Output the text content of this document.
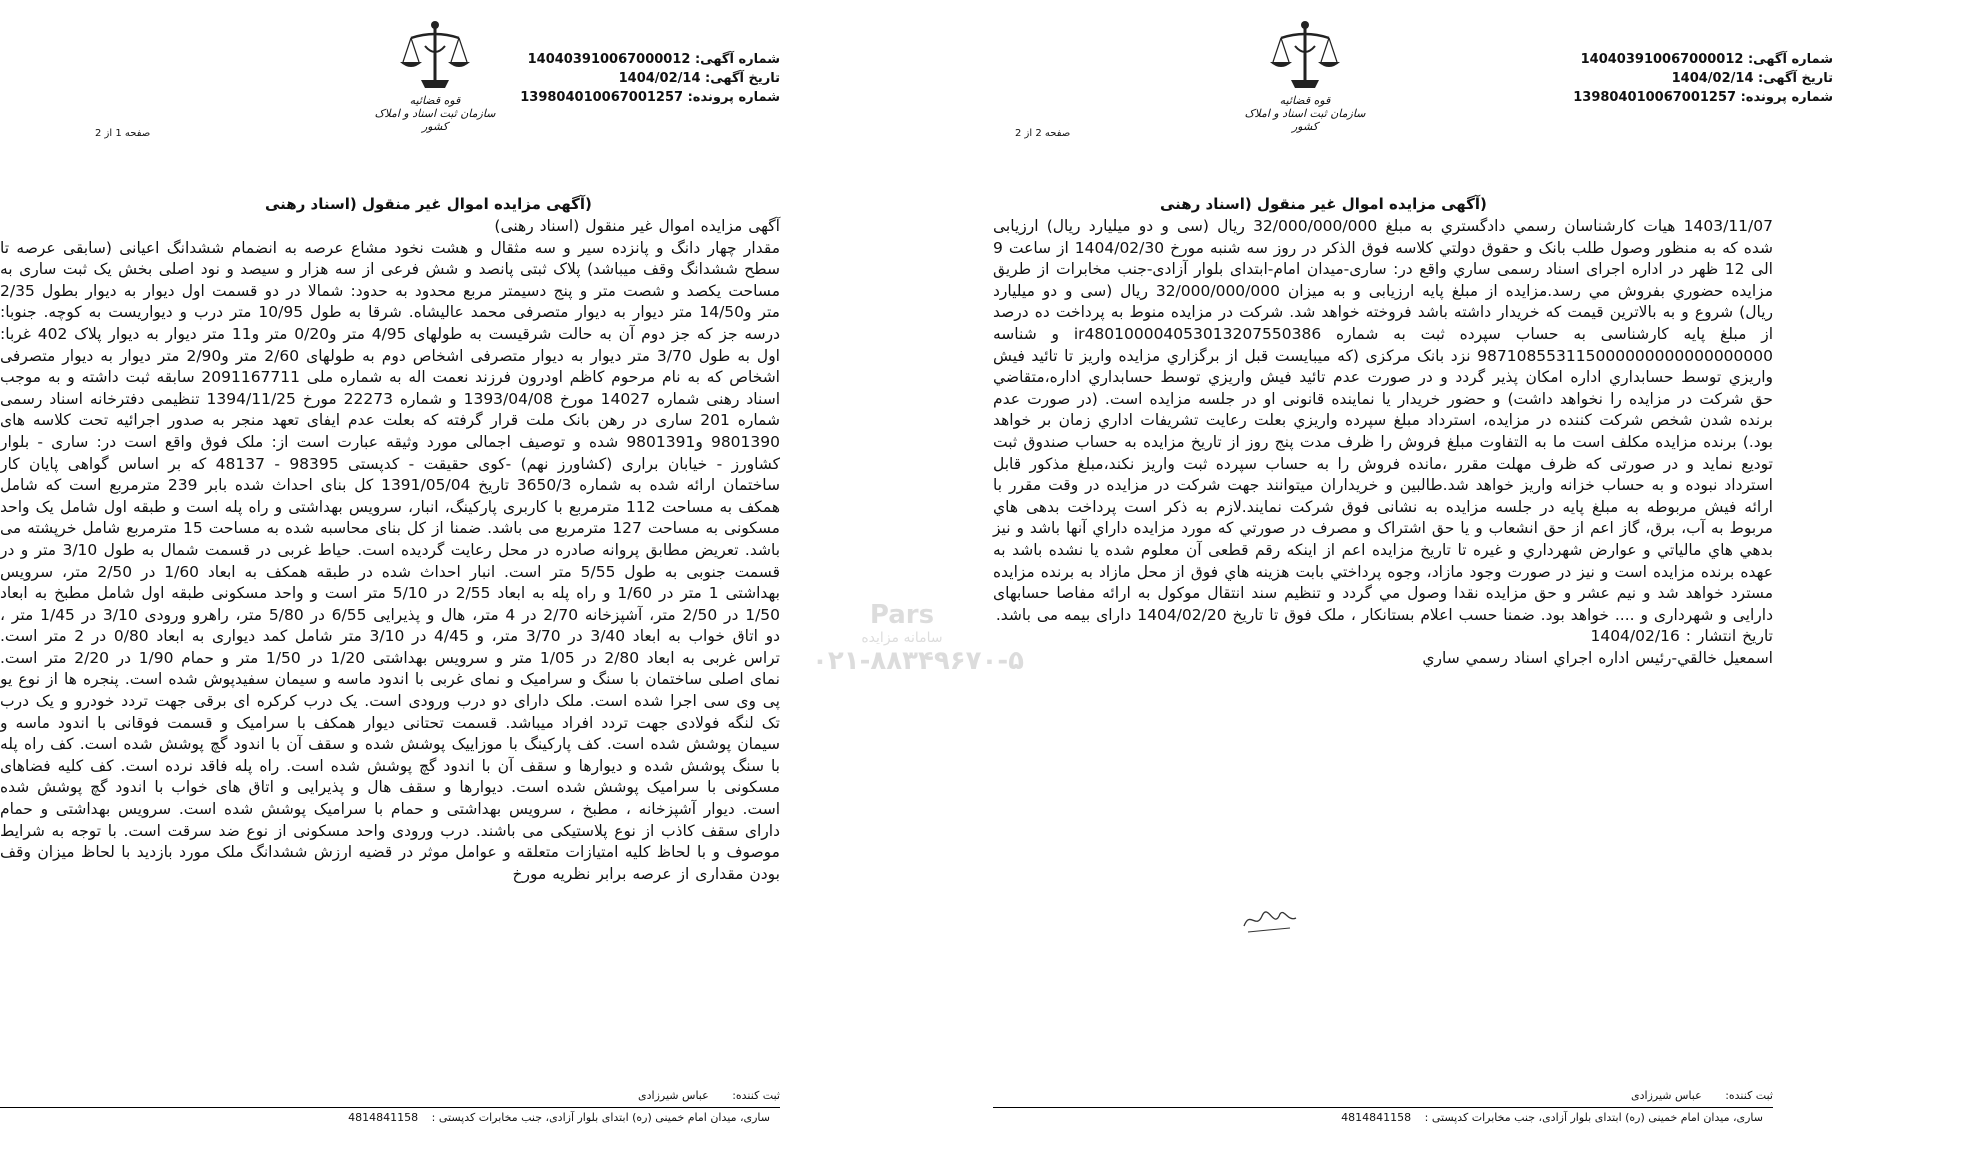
شماره آگهی: 140403910067000012
تاریخ آگهی: 1404/02/14
شماره پرونده: 139804010067001257
قوه قضائیه
سازمان ثبت اسناد و املاک کشور
صفحه 1 از 2
(آگهی مزایده اموال غیر منقول (اسناد رهنی

آگهی مزایده اموال غیر منقول (اسناد رهنی)

مقدار چهار دانگ و پانزده سیر و سه مثقال و هشت نخود مشاع عرصه به انضمام ششدانگ اعیانی (سابقی عرصه تا سطح ششدانگ وقف میباشد) پلاک ثبتی پانصد و شش فرعی از سه هزار و سیصد و نود اصلی بخش یک ثبت ساری به مساحت یکصد و شصت متر و پنج دسیمتر مربع محدود به حدود: شمالا در دو قسمت اول دیوار به دیوار بطول 2/35 متر و14/50 متر دیوار به دیوار متصرفی محمد عالیشاه. شرقا به طول 10/95 متر درب و دیواریست به کوچه. جنوبا: درسه جز که جز دوم آن به حالت شرقیست به طولهای 4/95 متر و0/20 متر و11 متر دیوار به دیوار پلاک 402 غربا: اول به طول 3/70 متر دیوار به دیوار متصرفی اشخاص دوم به طولهای 2/60 متر و2/90 متر دیوار به دیوار متصرفی اشخاص که به نام مرحوم کاظم اودرون فرزند نعمت اله به شماره ملی 2091167711 سابقه ثبت داشته و به موجب اسناد رهنی شماره 14027 مورخ 1393/04/08 و شماره 22273 مورخ 1394/11/25 تنظیمی دفترخانه اسناد رسمی شماره 201 ساری در رهن بانک ملت قرار گرفته که بعلت عدم ایفای تعهد منجر به صدور اجرائیه تحت کلاسه های 9801390 و9801391 شده و توصیف اجمالی مورد وثیقه عبارت است از: ملک فوق واقع است در: ساری - بلوار کشاورز - خیابان براری (کشاورز نهم) -کوی حقیقت - کدپستی 98395 - 48137 که بر اساس گواهی پایان کار ساختمان ارائه شده به شماره 3650/3 تاریخ 1391/05/04 کل بنای احداث شده بابر 239 مترمربع است که شامل همکف به مساحت 112 مترمربع با کاربری پارکینگ، انبار، سرویس بهداشتی و راه پله است و طبقه اول شامل یک واحد مسکونی به مساحت 127 مترمربع می باشد. ضمنا از کل بنای محاسبه شده به مساحت 15 مترمربع شامل خرپشته می باشد. تعریض مطابق پروانه صادره در محل رعایت گردیده است. حیاط غربی در قسمت شمال به طول 3/10 متر و در قسمت جنوبی به طول 5/55 متر است. انبار احداث شده در طبقه همکف به ابعاد 1/60 در 2/50 متر، سرویس بهداشتی 1 متر در 1/60 و راه پله به ابعاد 2/55 در 5/10 متر است و واحد مسکونی طبقه اول شامل مطبخ به ابعاد 1/50 در 2/50 متر، آشپزخانه 2/70 در 4 متر، هال و پذیرایی 6/55 در 5/80 متر، راهرو ورودی 3/10 در 1/45 متر ، دو اتاق خواب به ابعاد 3/40 در 3/70 متر، و 4/45 در 3/10 متر شامل کمد دیواری به ابعاد 0/80 در 2 متر است. تراس غربی به ابعاد 2/80 در 1/05 متر و سرویس بهداشتی 1/20 در 1/50 متر و حمام 1/90 در 2/20 متر است. نمای اصلی ساختمان با سنگ و سرامیک و نمای غربی با اندود ماسه و سیمان سفیدپوش شده است. پنجره ها از نوع یو پی وی سی اجرا شده است. ملک دارای دو درب ورودی است. یک درب کرکره ای برقی جهت تردد خودرو و یک درب تک لنگه فولادی جهت تردد افراد میباشد. قسمت تحتانی دیوار همکف با سرامیک و قسمت فوقانی با اندود ماسه و سیمان پوشش شده است. کف پارکینگ با موزاییک پوشش شده و سقف آن با اندود گچ پوشش شده است. کف راه پله با سنگ پوشش شده و دیوارها و سقف آن با اندود گچ پوشش شده است. راه پله فاقد نرده است. کف کلیه فضاهای مسکونی با سرامیک پوشش شده است. دیوارها و سقف هال و پذیرایی و اتاق های خواب با اندود گچ پوشش شده است. دیوار آشپزخانه ، مطبخ ، سرویس بهداشتی و حمام با سرامیک پوشش شده است. سرویس بهداشتی و حمام دارای سقف کاذب از نوع پلاستیکی می باشند. درب ورودی واحد مسکونی از نوع ضد سرقت است. با توجه به شرایط موصوف و با لحاظ کلیه امتیازات متعلقه و عوامل موثر در قضیه ارزش ششدانگ ملک مورد بازدید با لحاظ میزان وقف بودن مقداری از عرصه برابر نظریه مورخ

ثبت کننده: عباس شیرزادی
ساری، میدان امام خمینی (ره) ابتدای بلوار آزادی، جنب مخابرات کدپستی : 4814841158
شماره آگهی: 140403910067000012
تاریخ آگهی: 1404/02/14
شماره پرونده: 139804010067001257
قوه قضائیه
سازمان ثبت اسناد و املاک کشور
صفحه 2 از 2
(آگهی مزایده اموال غیر منقول (اسناد رهنی

1403/11/07 هیات کارشناسان رسمي دادگستري به مبلغ 32/000/000/000 ریال (سی و دو میلیارد ریال) ارزیابی شده که به منظور وصول طلب بانک و حقوق دولتي کلاسه فوق الذکر در روز سه شنبه مورخ 1404/02/30 از ساعت 9 الی 12 ظهر در اداره اجرای اسناد رسمی ساري واقع در: ساری-میدان امام-ابتدای بلوار آزادی-جنب مخابرات از طریق مزایده حضوري بفروش مي رسد.مزایده از مبلغ پایه ارزیابی و به میزان 32/000/000/000 ریال (سی و دو میلیارد ریال) شروع و به بالاترین قیمت که خریدار داشته باشد فروخته خواهد شد. شرکت در مزایده منوط به پرداخت ده درصد از مبلغ پایه کارشناسی به حساب سپرده ثبت به شماره ir480100004053013207550386 و شناسه 987108553115000000000000000000 نزد بانک مرکزی (که میبایست قبل از برگزاري مزایده واریز تا تائید فیش واریزي توسط حسابداري اداره امکان پذیر گردد و در صورت عدم تائید فیش واریزي توسط حسابداري اداره،متقاضي حق شرکت در مزایده را نخواهد داشت) و حضور خریدار یا نماینده قانونی او در جلسه مزایده است. (در صورت عدم برنده شدن شخص شرکت کننده در مزایده، استرداد مبلغ سپرده واریزي بعلت رعایت تشریفات اداري زمان بر خواهد بود.) برنده مزایده مکلف است ما به التفاوت مبلغ فروش را ظرف مدت پنج روز از تاریخ مزایده به حساب صندوق ثبت تودیع نماید و در صورتی که ظرف مهلت مقرر ،مانده فروش را به حساب سپرده ثبت واریز نکند،مبلغ مذکور قابل استرداد نبوده و به حساب خزانه واریز خواهد شد.طالبین و خریداران میتوانند جهت شرکت در مزایده در وقت مقرر با ارائه فیش مربوطه به مبلغ پایه در جلسه مزایده به نشانی فوق شرکت نمایند.لازم به ذکر است پرداخت بدهی هاي مربوط به آب، برق، گاز اعم از حق انشعاب و یا حق اشتراک و مصرف در صورتي که مورد مزایده داراي آنها باشد و نیز بدهي هاي مالیاتي و عوارض شهرداري و غیره تا تاریخ مزایده اعم از اینکه رقم قطعی آن معلوم شده یا نشده باشد به عهده برنده مزایده است و نیز در صورت وجود مازاد، وجوه پرداختي بابت هزینه هاي فوق از محل مازاد به برنده مزایده مسترد خواهد شد و نیم عشر و حق مزایده نقدا وصول مي گردد و تنظیم سند انتقال موکول به ارائه مفاصا حسابهای دارایی و شهرداری و .... خواهد بود. ضمنا حسب اعلام بستانکار ، ملک فوق تا تاریخ 1404/02/20 دارای بیمه می باشد.

تاریخ انتشار : 1404/02/16

اسمعیل خالقي-رئیس اداره اجراي اسناد رسمي ساري

ثبت کننده: عباس شیرزادی
ساری، میدان امام خمینی (ره) ابتدای بلوار آزادی، جنب مخابرات کدپستی : 4814841158
Pars
سامانه مزایده
۰۲۱-۸۸۳۴۹۶۷۰-۵
